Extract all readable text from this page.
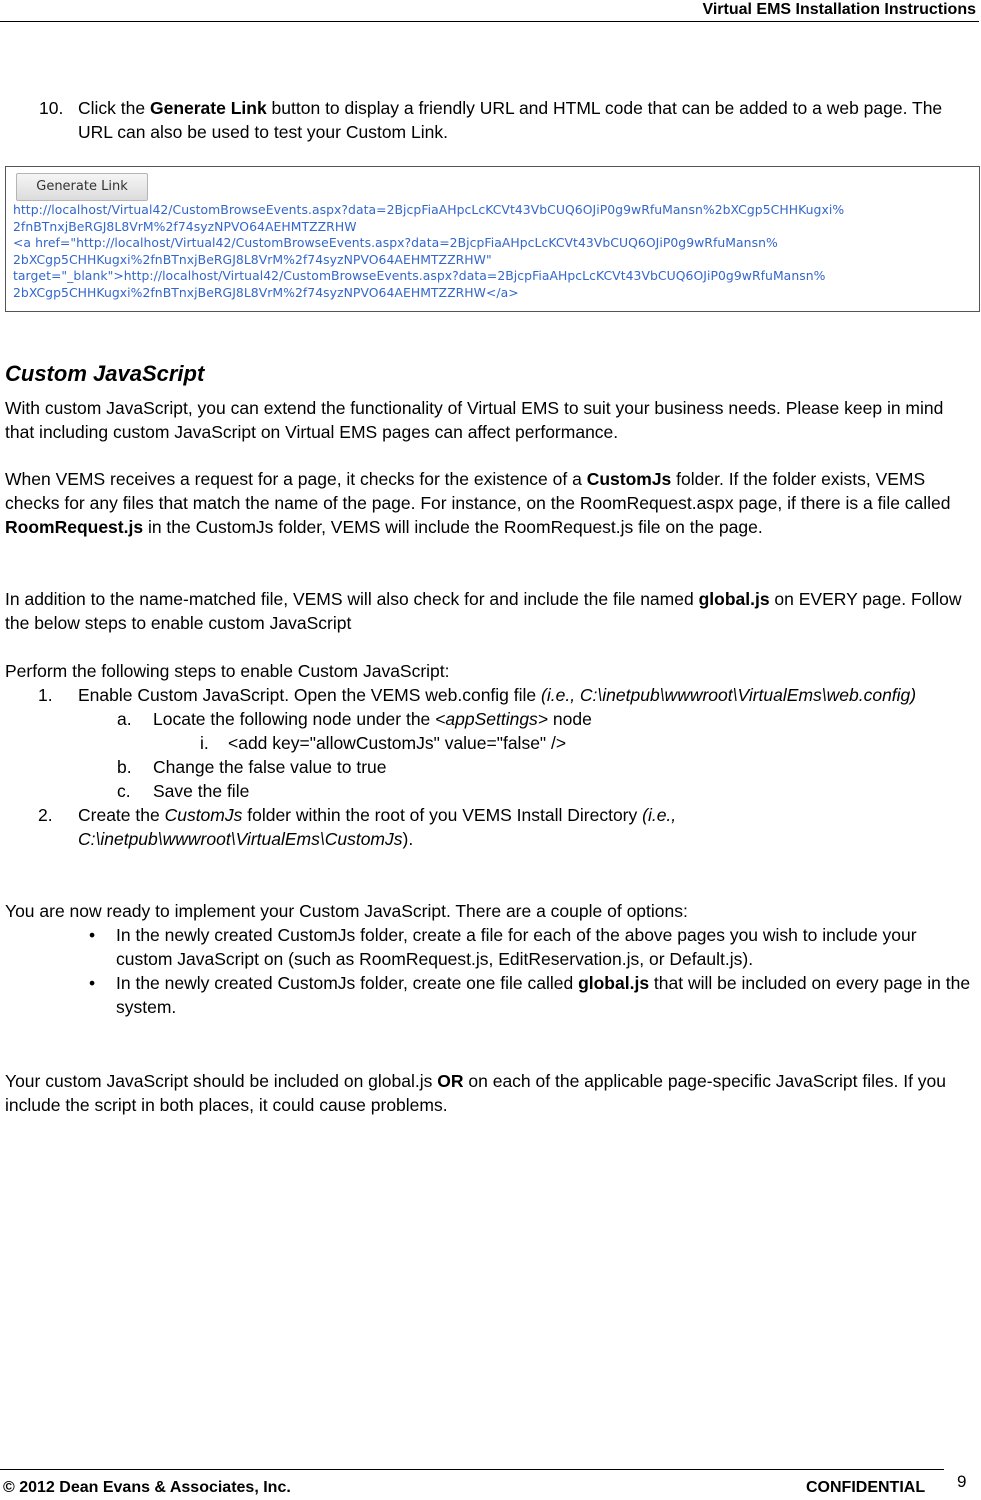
Virtual EMS Installation Instructions
10. Click the Generate Link button to display a friendly URL and HTML code that can be added to a web page. The URL can also be used to test your Custom Link.

Generate Link
http://localhost/Virtual42/CustomBrowseEvents.aspx?data=2BjcpFiaAHpcLcKCVt43VbCUQ6OJiP0g9wRfuMansn%2bXCgp5CHHKugxi%
2fnBTnxjBeRGJ8L8VrM%2f74syzNPVO64AEHMTZZRHW
<a href="http://localhost/Virtual42/CustomBrowseEvents.aspx?data=2BjcpFiaAHpcLcKCVt43VbCUQ6OJiP0g9wRfuMansn%
2bXCgp5CHHKugxi%2fnBTnxjBeRGJ8L8VrM%2f74syzNPVO64AEHMTZZRHW"
target="_blank">http://localhost/Virtual42/CustomBrowseEvents.aspx?data=2BjcpFiaAHpcLcKCVt43VbCUQ6OJiP0g9wRfuMansn%
2bXCgp5CHHKugxi%2fnBTnxjBeRGJ8L8VrM%2f74syzNPVO64AEHMTZZRHW</a>
Custom JavaScript

With custom JavaScript, you can extend the functionality of Virtual EMS to suit your business needs. Please keep in mind that including custom JavaScript on Virtual EMS pages can affect performance.

When VEMS receives a request for a page, it checks for the existence of a CustomJs folder. If the folder exists, VEMS checks for any files that match the name of the page. For instance, on the RoomRequest.aspx page, if there is a file called RoomRequest.js in the CustomJs folder, VEMS will include the RoomRequest.js file on the page.

In addition to the name-matched file, VEMS will also check for and include the file named global.js on EVERY page. Follow the below steps to enable custom JavaScript

Perform the following steps to enable Custom JavaScript:

1. Enable Custom JavaScript. Open the VEMS web.config file (i.e., C:\inetpub\wwwroot\VirtualEms\web.config)

a. Locate the following node under the <appSettings> node

i. <add key="allowCustomJs" value="false" />

b. Change the false value to true

c. Save the file

2. Create the CustomJs folder within the root of you VEMS Install Directory (i.e., C:\inetpub\wwwroot\VirtualEms\CustomJs).

You are now ready to implement your Custom JavaScript. There are a couple of options:

• In the newly created CustomJs folder, create a file for each of the above pages you wish to include your custom JavaScript on (such as RoomRequest.js, EditReservation.js, or Default.js).

• In the newly created CustomJs folder, create one file called global.js that will be included on every page in the system.

Your custom JavaScript should be included on global.js OR on each of the applicable page-specific JavaScript files. If you include the script in both places, it could cause problems.

© 2012 Dean Evans & Associates, Inc.	CONFIDENTIAL 9
